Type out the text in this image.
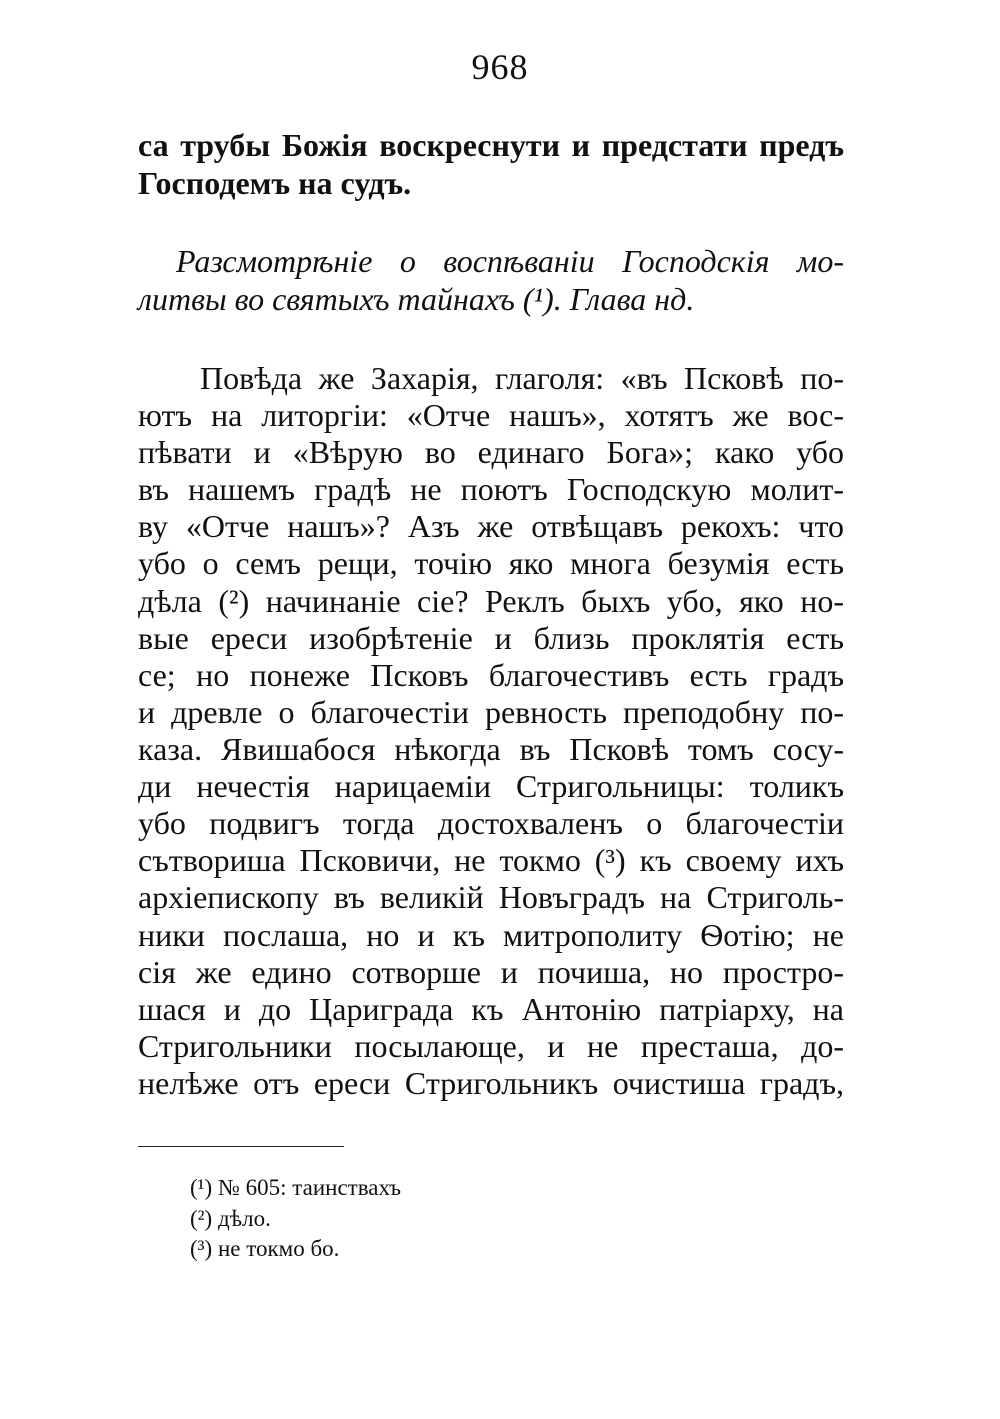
968
са трубы Божія воскреснути и предстати предъ
Господемъ на судъ.
Разсмотрѣніе о воспѣваніи Господскія мо-
литвы во святыхъ тайнахъ (¹). Глава нд.
Повѣда же Захарія, глаголя: «въ Псковѣ по-
ютъ на литоргіи: «Отче нашъ», хотятъ же вос-
пѣвати и «Вѣрую во единаго Бога»; како убо
въ нашемъ градѣ не поютъ Господскую молит-
ву «Отче нашъ»? Азъ же отвѣщавъ рекохъ: что
убо о семъ рещи, точію яко многа безумія есть
дѣла (²) начинаніе сіе? Реклъ быхъ убо, яко но-
вые ереси изобрѣтеніе и близь проклятія есть
се; но понеже Псковъ благочестивъ есть градъ
и древле о благочестіи ревность преподобну по-
каза. Явишабося нѣкогда въ Псковѣ томъ сосу-
ди нечестія нарицаеміи Стригольницы: толикъ
убо подвигъ тогда достохваленъ о благочестіи
сътвориша Псковичи, не токмо (³) къ своему ихъ
архіепископу въ великій Новъградъ на Стриголь-
ники послаша, но и къ митрополиту Ѳотію; не
сія же едино сотворше и почиша, но простро-
шася и до Цариграда къ Антонію патріарху, на
Стригольники посылающе, и не престаша, до-
нелѣже отъ ереси Стригольникъ очистиша градъ,
(¹) № 605: таинствахъ
(²) дѣло.
(³) не токмо бо.
